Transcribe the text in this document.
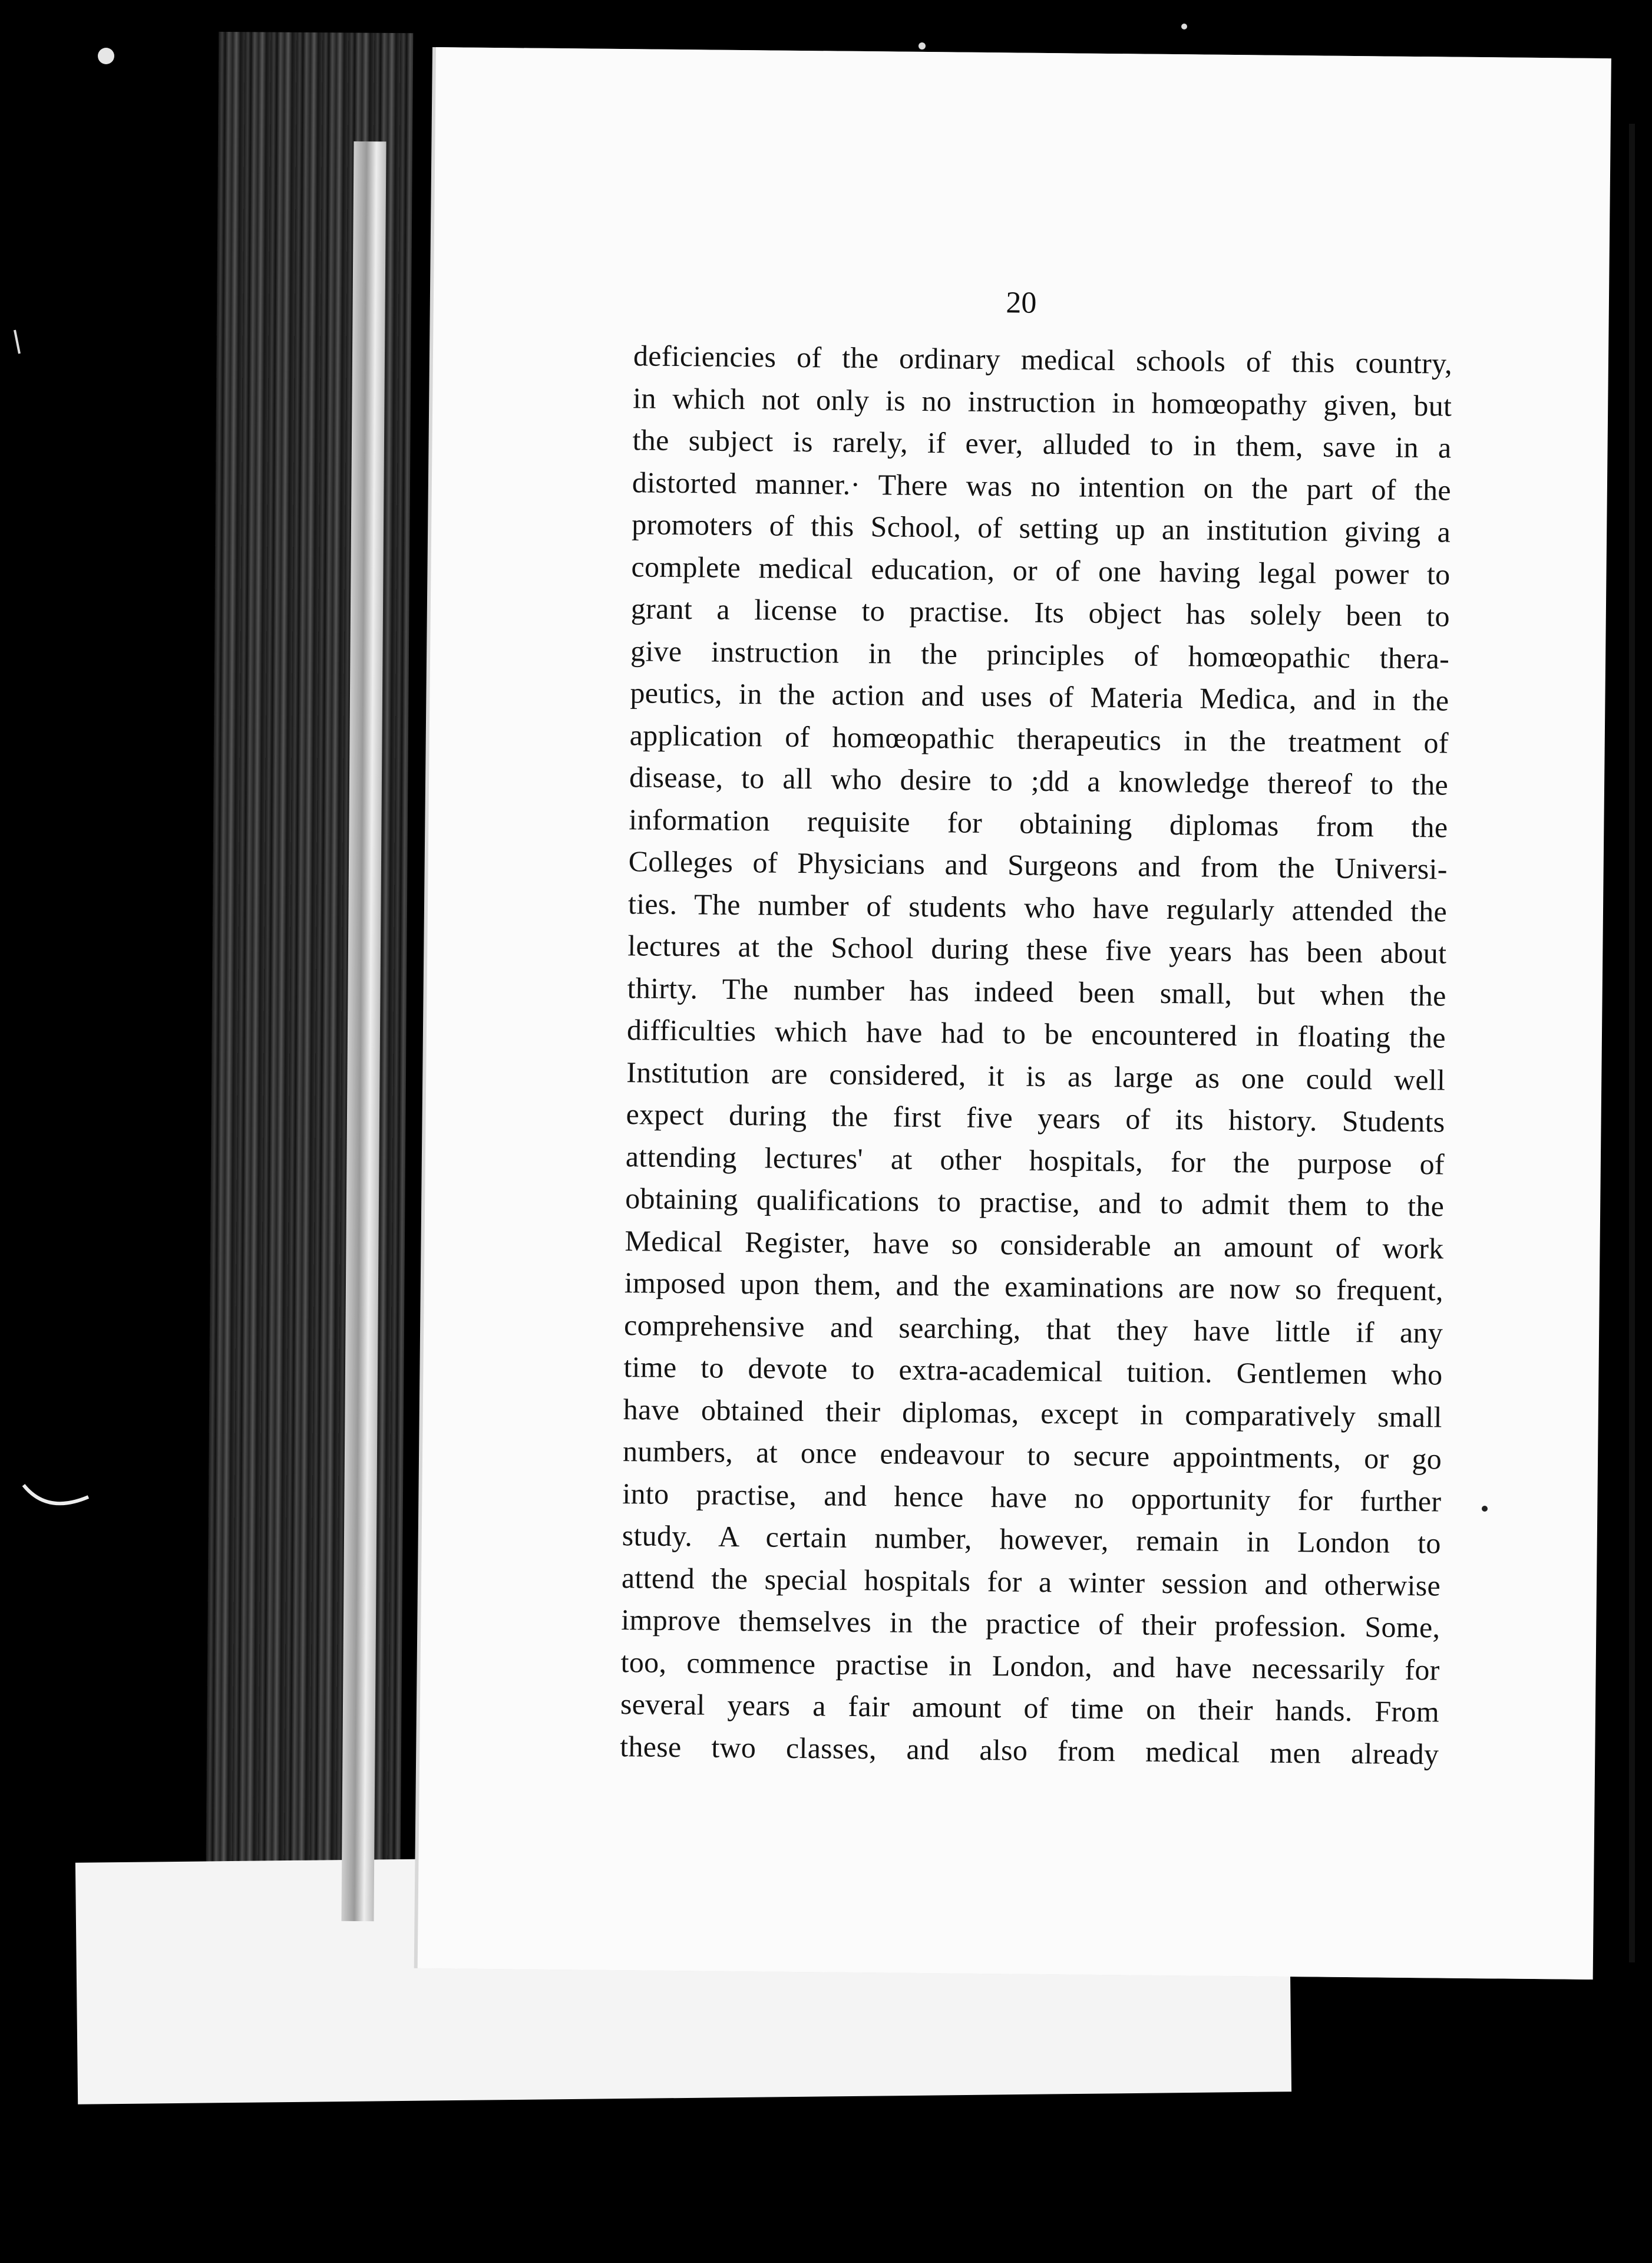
20
deficiencies of the ordinary medical schools of this country,
in which not only is no instruction in homœopathy given, but
the subject is rarely, if ever, alluded to in them, save in a
distorted manner.· There was no intention on the part of the
promoters of this School, of setting up an institution giving a
complete medical education, or of one having legal power to
grant a license to practise. Its object has solely been to
give instruction in the principles of homœopathic thera-
peutics, in the action and uses of Materia Medica, and in the
application of homœopathic therapeutics in the treatment of
disease, to all who desire to ;dd a knowledge thereof to the
information requisite for obtaining diplomas from the
Colleges of Physicians and Surgeons and from the Universi-
ties. The number of students who have regularly attended the
lectures at the School during these five years has been about
thirty. The number has indeed been small, but when the
difficulties which have had to be encountered in floating the
Institution are considered, it is as large as one could well
expect during the first five years of its history. Students
attending lectures' at other hospitals, for the purpose of
obtaining qualifications to practise, and to admit them to the
Medical Register, have so considerable an amount of work
imposed upon them, and the examinations are now so frequent,
comprehensive and searching, that they have little if any
time to devote to extra-academical tuition. Gentlemen who
have obtained their diplomas, except in comparatively small
numbers, at once endeavour to secure appointments, or go
into practise, and hence have no opportunity for further
study. A certain number, however, remain in London to
attend the special hospitals for a winter session and otherwise
improve themselves in the practice of their profession. Some,
too, commence practise in London, and have necessarily for
several years a fair amount of time on their hands. From
these two classes, and also from medical men already
